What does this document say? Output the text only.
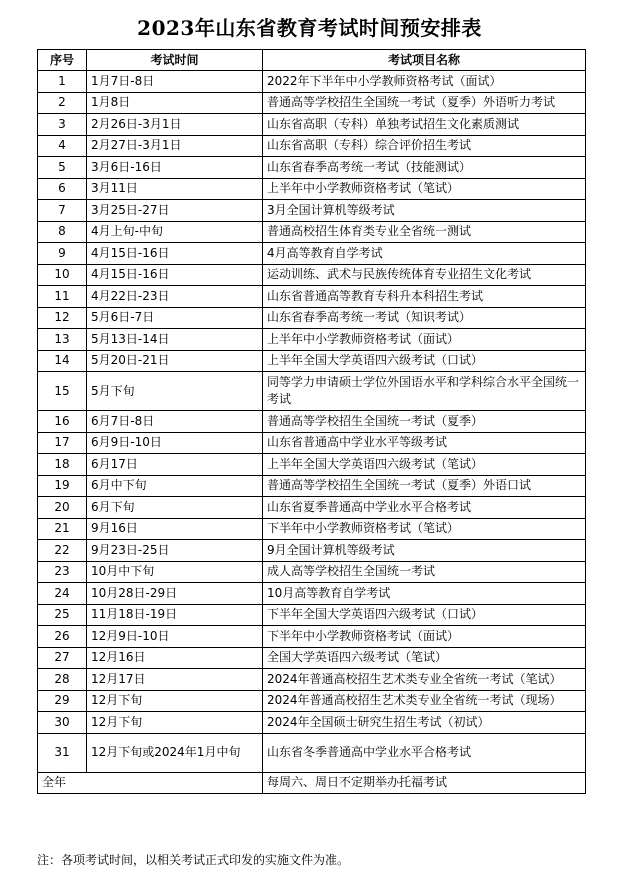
2023年山东省教育考试时间预安排表
序号	考试时间	考试项目名称
1	1月7日-8日	2022年下半年中小学教师资格考试（面试）
2	1月8日	普通高等学校招生全国统一考试（夏季）外语听力考试
3	2月26日-3月1日	山东省高职（专科）单独考试招生文化素质测试
4	2月27日-3月1日	山东省高职（专科）综合评价招生考试
5	3月6日-16日	山东省春季高考统一考试（技能测试）
6	3月11日	上半年中小学教师资格考试（笔试）
7	3月25日-27日	3月全国计算机等级考试
8	4月上旬-中旬	普通高校招生体育类专业全省统一测试
9	4月15日-16日	4月高等教育自学考试
10	4月15日-16日	运动训练、武术与民族传统体育专业招生文化考试
11	4月22日-23日	山东省普通高等教育专科升本科招生考试
12	5月6日-7日	山东省春季高考统一考试（知识考试）
13	5月13日-14日	上半年中小学教师资格考试（面试）
14	5月20日-21日	上半年全国大学英语四六级考试（口试）
15	5月下旬	同等学力申请硕士学位外国语水平和学科综合水平全国统一考试
16	6月7日-8日	普通高等学校招生全国统一考试（夏季）
17	6月9日-10日	山东省普通高中学业水平等级考试
18	6月17日	上半年全国大学英语四六级考试（笔试）
19	6月中下旬	普通高等学校招生全国统一考试（夏季）外语口试
20	6月下旬	山东省夏季普通高中学业水平合格考试
21	9月16日	下半年中小学教师资格考试（笔试）
22	9月23日-25日	9月全国计算机等级考试
23	10月中下旬	成人高等学校招生全国统一考试
24	10月28日-29日	10月高等教育自学考试
25	11月18日-19日	下半年全国大学英语四六级考试（口试）
26	12月9日-10日	下半年中小学教师资格考试（面试）
27	12月16日	全国大学英语四六级考试（笔试）
28	12月17日	2024年普通高校招生艺术类专业全省统一考试（笔试）
29	12月下旬	2024年普通高校招生艺术类专业全省统一考试（现场）
30	12月下旬	2024年全国硕士研究生招生考试（初试）
31	12月下旬或2024年1月中旬	山东省冬季普通高中学业水平合格考试
全年		每周六、周日不定期举办托福考试
注：各项考试时间，以相关考试正式印发的实施文件为准。
